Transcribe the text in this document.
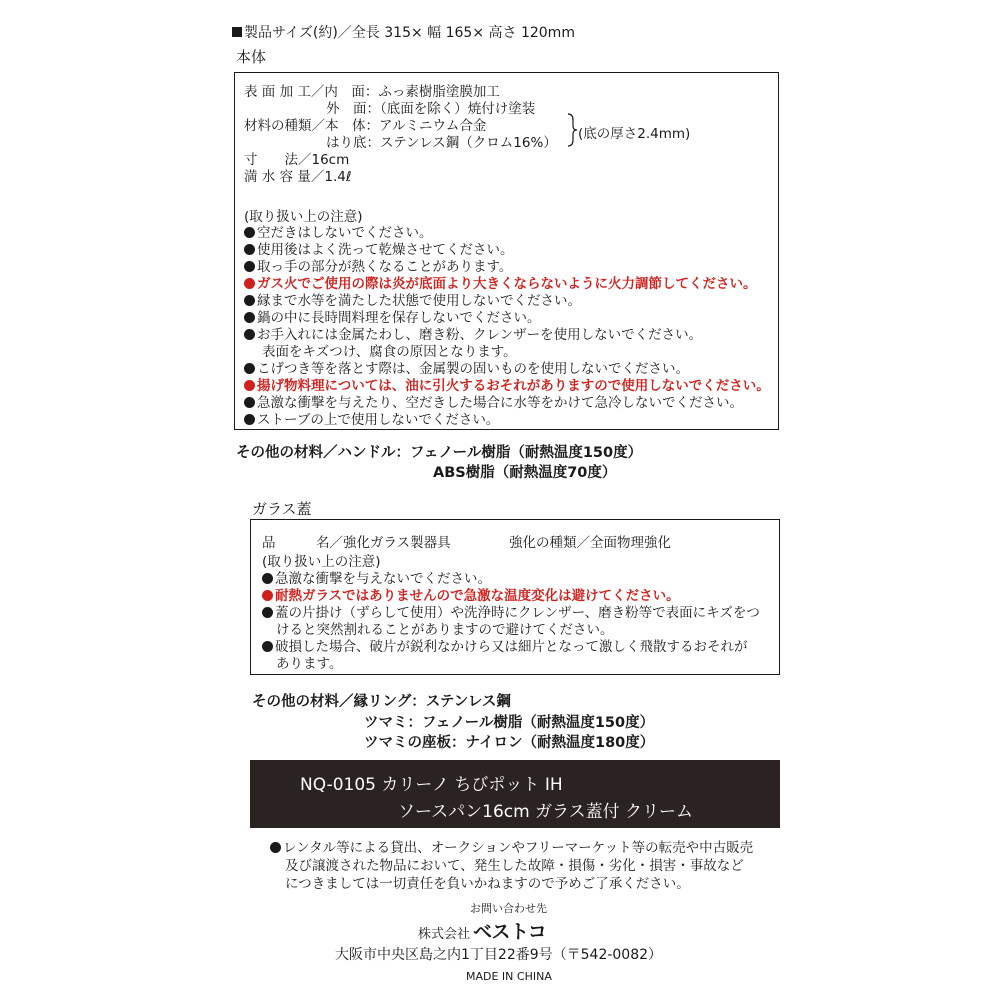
製品サイズ(約)／全長 315× 幅 165× 高さ 120mm
本体
表 面 加 工／内　面：ふっ素樹脂塗膜加工
外　面：（底面を除く）焼付け塗装
材料の種類／本　体：アルミニウム合金
はり底：ステンレス鋼（クロム16%）
(底の厚さ2.4mm)
寸　　法／16cm
満 水 容 量／1.4ℓ
(取り扱い上の注意)
空だきはしないでください。
使用後はよく洗って乾燥させてください。
取っ手の部分が熱くなることがあります。
ガス火でご使用の際は炎が底面より大きくならないように火力調節してください。
縁まで水等を満たした状態で使用しないでください。
鍋の中に長時間料理を保存しないでください。
お手入れには金属たわし、磨き粉、クレンザーを使用しないでください。
表面をキズつけ、腐食の原因となります。
こげつき等を落とす際は、金属製の固いものを使用しないでください。
揚げ物料理については、油に引火するおそれがありますので使用しないでください。
急激な衝撃を与えたり、空だきした場合に水等をかけて急冷しないでください。
ストーブの上で使用しないでください。
その他の材料／ハンドル：フェノール樹脂（耐熱温度150度）
ABS樹脂（耐熱温度70度）
ガラス蓋
品　　　名／強化ガラス製器具	強化の種類／全面物理強化
(取り扱い上の注意)
急激な衝撃を与えないでください。
耐熱ガラスではありませんので急激な温度変化は避けてください。
蓋の片掛け（ずらして使用）や洗浄時にクレンザー、磨き粉等で表面にキズをつ
けると突然割れることがありますので避けてください。
破損した場合、破片が鋭利なかけら又は細片となって激しく飛散するおそれが
あります。
その他の材料／縁リング：ステンレス鋼
ツマミ：フェノール樹脂（耐熱温度150度）
ツマミの座板：ナイロン（耐熱温度180度）
NQ-0105 カリーノ ちびポット IH
ソースパン16cm ガラス蓋付 クリーム
レンタル等による貸出、オークションやフリーマーケット等の転売や中古販売
及び譲渡された物品において、発生した故障・損傷・劣化・損害・事故など
につきましては一切責任を負いかねますので予めご了承ください。
お問い合わせ先
株式会社 ベストコ
大阪市中央区島之内1丁目22番9号（〒542-0082）
MADE IN CHINA
